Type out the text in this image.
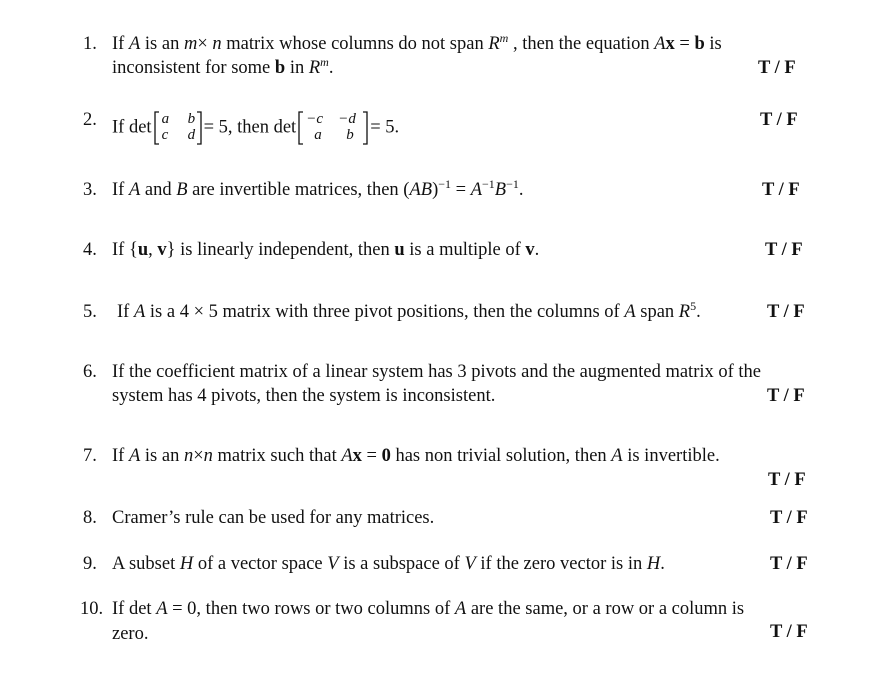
1. If A is an m× n matrix whose columns do not span $R^m$ , then the equation Ax = b is
inconsistent for some b in $R^m$.	T / F
2. If det a b
c d = 5, then det −c −d
a b = 5.	T / F
3. If A and B are invertible matrices, then $(AB)^{-1} = A^{-1}B^{-1}$.	T / F
4. If {u, v} is linearly independent, then u is a multiple of v.	T / F
5. If A is a 4 × 5 matrix with three pivot positions, then the columns of A span $R^5$.	T / F
6. If the coefficient matrix of a linear system has 3 pivots and the augmented matrix of the
system has 4 pivots, then the system is inconsistent.	T / F
7. If A is an n×n matrix such that Ax = 0 has non trivial solution, then A is invertible.
T / F
8. Cramer’s rule can be used for any matrices.	T / F
9. A subset H of a vector space V is a subspace of V if the zero vector is in H.	T / F
10. If det A = 0, then two rows or two columns of A are the same, or a row or a column is
zero.	T / F
